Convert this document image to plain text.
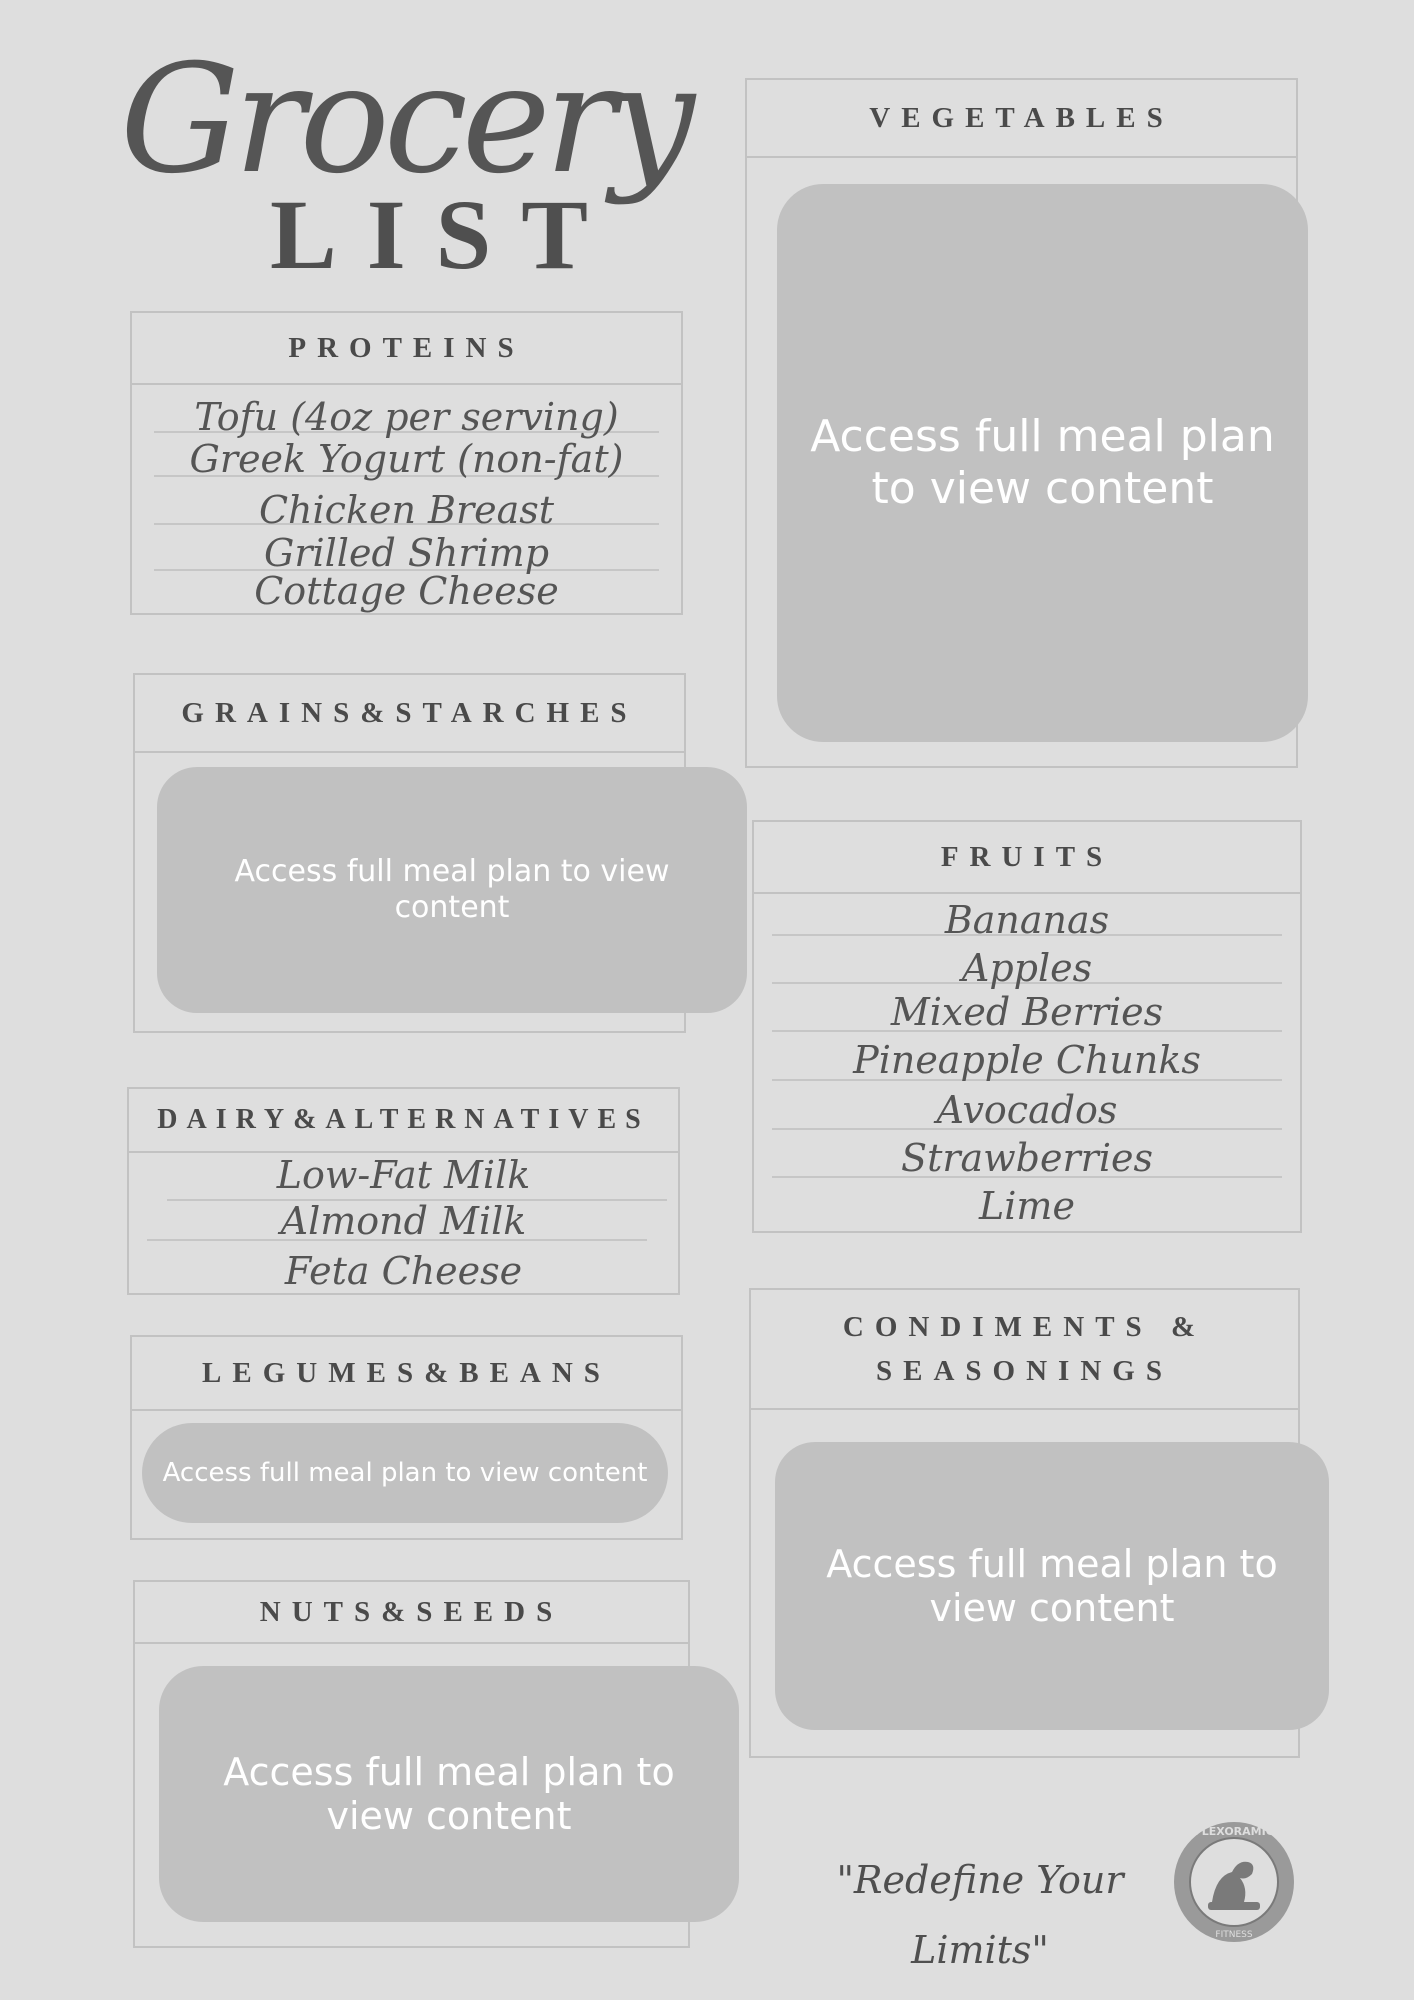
Grocery
LIST
PROTEINS
Tofu (4oz per serving)
Greek Yogurt (non-fat)
Chicken Breast
Grilled Shrimp
Cottage Cheese
GRAINS&STARCHES
Access full meal plan to view content
DAIRY&ALTERNATIVES
Low-Fat Milk
Almond Milk
Feta Cheese
LEGUMES&BEANS
Access full meal plan to view content
NUTS&SEEDS
Access full meal plan to view content
VEGETABLES
Access full meal plan to view content
FRUITS
Bananas
Apples
Mixed Berries
Pineapple Chunks
Avocados
Strawberries
Lime
CONDIMENTS &
SEASONINGS
Access full meal plan to view content
"Redefine Your Limits"
EST	2024
FLEXORAMIC
FITNESS
